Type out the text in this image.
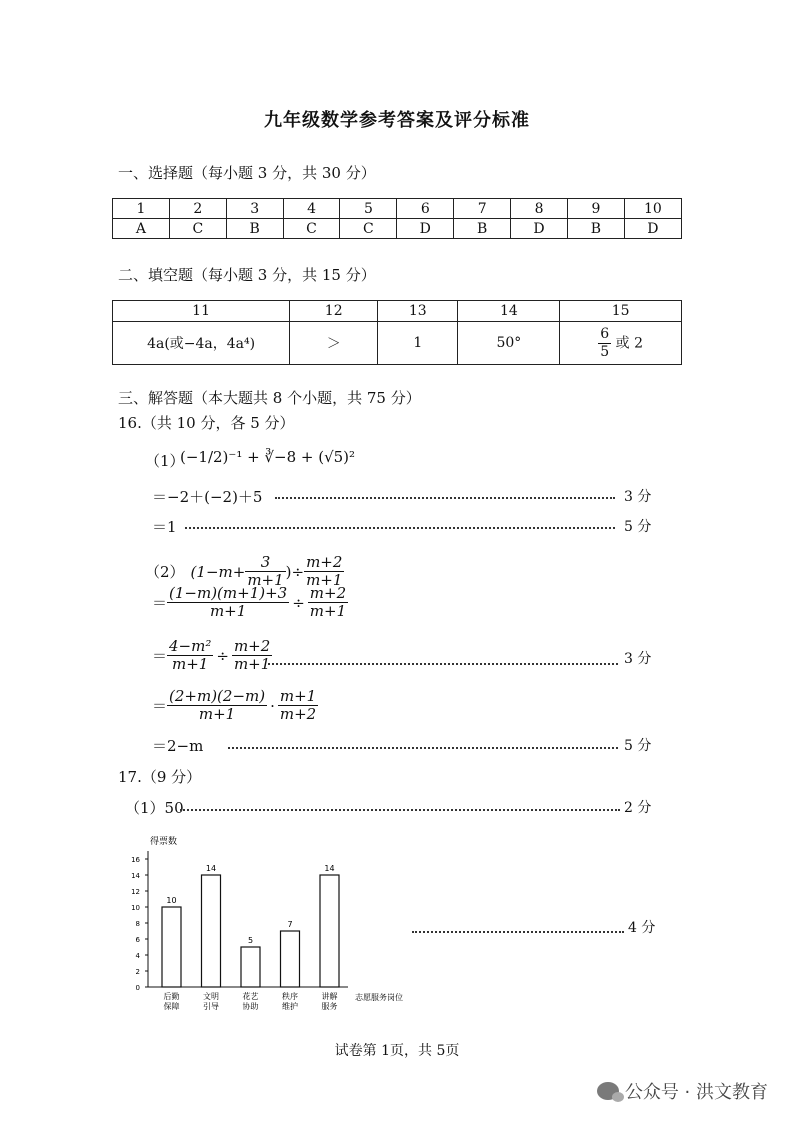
九年级数学参考答案及评分标准
一、选择题（每小题 3 分，共 30 分）
1	2	3	4	5	6	7	8	9	10
A	C	B	C	C	D	B	D	B	D
二、填空题（每小题 3 分，共 15 分）
11	12	13	14	15
4a(或−4a，4a⁴)	＞	1	50°	$\frac{6}{5}$ 或 2
三、解答题（本大题共 8 个小题，共 75 分）
16.（共 10 分，各 5 分）
（1）
(−1/2)⁻¹ + ∛−8 + (√5)²
＝−2＋(−2)＋5	3 分
＝1	5 分
（2） ($1-m+ \frac{3}{m+1}$ )÷ $\frac{m+2}{m+1}$
＝ $\frac{(1-m)(m+1)+3}{m+1} \div \frac{m+2}{m+1}$
＝ $\frac{\text{4−m²}}{m+1} \div \frac{m+2}{m+1}$	3 分
＝ $\frac{(2+m)(2-m)}{m+1} \cdot \frac{m+1}{m+2}$
＝2−m	5 分
17.（9 分）
（1）50	2 分
得票数
志愿服务岗位
0
2
4
6
8
10
12
14
16
10
后勤
保障
14
文明
引导
5
花艺
协助
7
秩序
维护
14
讲解
服务
4 分
试卷第 1页，共 5页
公众号 · 洪文教育
